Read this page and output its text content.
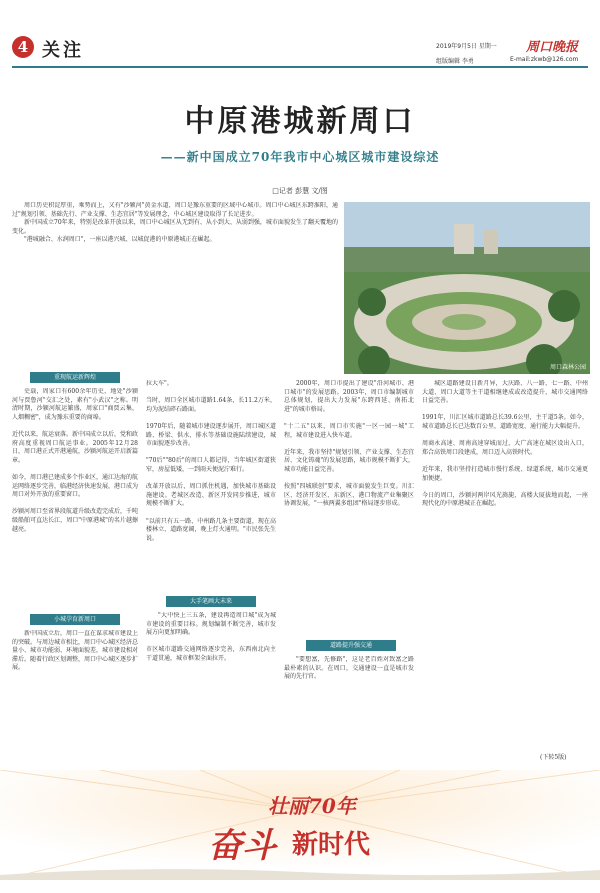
4 关注	2019年9月5日 星期一 周口晚报
组版编辑 李勇	E-mail:zkwb@126.com
中原港城新周口
——新中国成立70年我市中心城区城市建设综述
□记者 彭慧 文/图

周口历史积淀厚重，乘势而上，又有"沙颍河"黄金水道，周口是豫东重要的区域中心城市。周口中心城区东跨淮阳，通过"规划引领、基础先行、产业支撑、生态宜居"等发展理念，中心城区建设取得了长足进步。

新中国成立70年来，特别是改革开放以来，周口中心城区从无到有、从小到大、从弱到强，城市面貌发生了翻天覆地的变化。

"港城融合、水润周口"，一座以港兴城、以城促港的中原港城正在崛起。

周口森林公园
重现航运新辉煌

史载，周家口有600余年历史，地处"沙颍河与贾鲁河"交汇之处，素有"小武汉"之称。明清时期，沙颍河航运繁盛，周家口"商贾云集，人烟稠密"，成为豫东重要的商埠。

近代以来，航运衰落。新中国成立以后，党和政府高度重视周口航运事业。2005年12月28日，周口港正式开港通航，沙颍河航运开启新篇章。

如今，周口港已建成多个作业区，通江达海的航运网络逐步完善，临港经济快速发展，港口成为周口对外开放的重要窗口。

沙颍河周口至省界段航道升级改造完成后，千吨级船舶可直达长江，周口"中原港城"的名片越擦越亮。

小城孕育新周口

新中国成立后，周口一直在谋求城市建设上的突破。与周边城市相比，周口中心城区经济总量小、城市功能弱、环境面貌差，城市建设相对滞后。随着行政区划调整，周口中心城区逐步扩展。

拉大车"。

当时，周口全区城市道路1.64条，长11.2万米，均为泥结碎石路面。

1970年后，随着城市建设逐步展开，周口城区道路、桥梁、供水、排水等基础设施陆续建设，城市面貌逐步改善。

"70后""80后"的周口人都记得，当年城区街道狭窄，房屋低矮，一到雨天便泥泞难行。

改革开放以后，周口抓住机遇，加快城市基础设施建设。老城区改造、新区开发同步推进，城市规模不断扩大。

"以前只有五一路、中州路几条主要街道，现在高楼林立、道路宽阔，晚上灯火通明。"市民张先生说。

大手笔画大未来

"大中快上三五条，建设再造周口城"成为城市建设的重要目标。规划编制不断完善，城市发展方向更加明确。

市区城市道路交通网络逐步完善，东西南北向主干道贯通，城市框架全面拉开。

2000年，周口市提出了建设"沿河城市、港口城市"的发展思路。2003年，周口市编制城市总体规划，提出大力发展"东跨西延、南拓北进"的城市格局。

"十二五"以来，周口市实施"一区一园一城"工程，城市建设进入快车道。

近年来，我市坚持"规划引领、产业支撑、生态宜居、文化铸魂"的发展思路，城市规模不断扩大，城市功能日益完善。

按照"四城联创"要求，城市面貌发生巨变。川汇区、经济开发区、东新区、港口物流产业集聚区协调发展，"一核两翼多组团"格局逐步形成。

道路提升强交通

"要想富，先修路"，这是老百姓对致富之路最朴素的认识。在周口，交通建设一直是城市发展的先行官。

城区道路建设日新月异，大庆路、八一路、七一路、中州大道、周口大道等主干道相继建成或改造提升，城市交通网络日益完善。

1991年，川汇区城市道路总长39.6公里，主干道5条。如今，城市道路总长已达数百公里，道路宽度、通行能力大幅提升。

周商永高速、周南高速穿城而过，大广高速在城区设出入口，郑合高铁周口段建成，周口迈入高铁时代。

近年来，我市坚持打造城市慢行系统、绿道系统，城市交通更加便捷。

今日的周口，沙颍河两岸风光旖旎，高楼大厦拔地而起，一座现代化的中原港城正在崛起。

(下转5版)
壮丽70年
奋斗 新时代
